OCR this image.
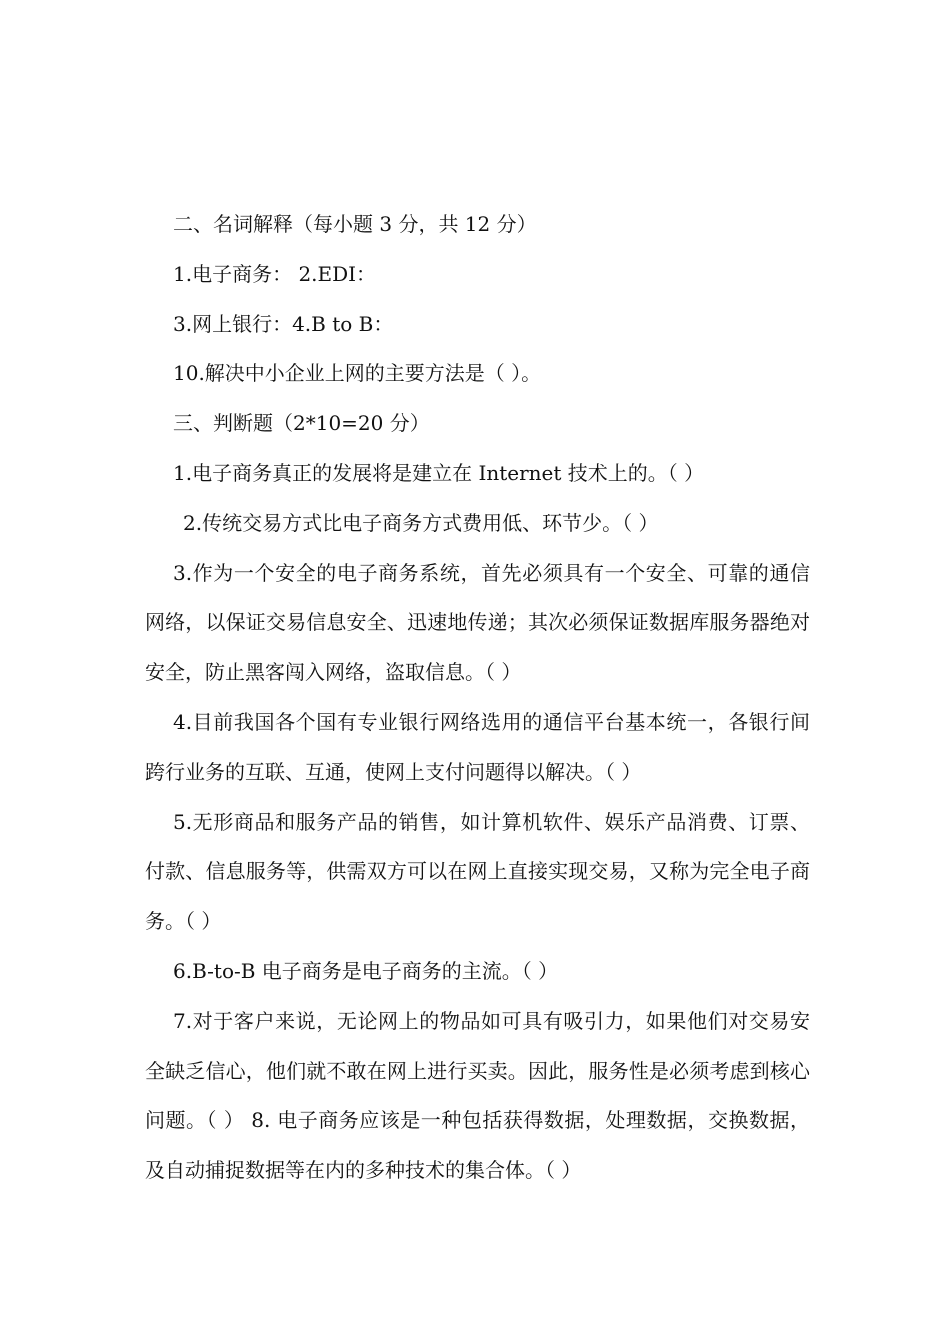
二、名词解释（每小题 3 分，共 12 分）

1.电子商务： 2.EDI：

3.网上银行：4.B to B：

10.解决中小企业上网的主要方法是（ ）。

三、判断题（2*10=20 分）

1.电子商务真正的发展将是建立在 Internet 技术上的。（ ）

2.传统交易方式比电子商务方式费用低、环节少。（ ）

3.作为一个安全的电子商务系统，首先必须具有一个安全、可靠的通信网络，以保证交易信息安全、迅速地传递；其次必须保证数据库服务器绝对安全，防止黑客闯入网络，盗取信息。（ ）

4.目前我国各个国有专业银行网络选用的通信平台基本统一，各银行间跨行业务的互联、互通，使网上支付问题得以解决。（ ）

5.无形商品和服务产品的销售，如计算机软件、娱乐产品消费、订票、付款、信息服务等，供需双方可以在网上直接实现交易，又称为完全电子商务。（ ）

6.B-to-B 电子商务是电子商务的主流。（ ）

7.对于客户来说，无论网上的物品如可具有吸引力，如果他们对交易安全缺乏信心，他们就不敢在网上进行买卖。因此，服务性是必须考虑到核心问题。（ ） 8. 电子商务应该是一种包括获得数据，处理数据，交换数据，及自动捕捉数据等在内的多种技术的集合体。（ ）
